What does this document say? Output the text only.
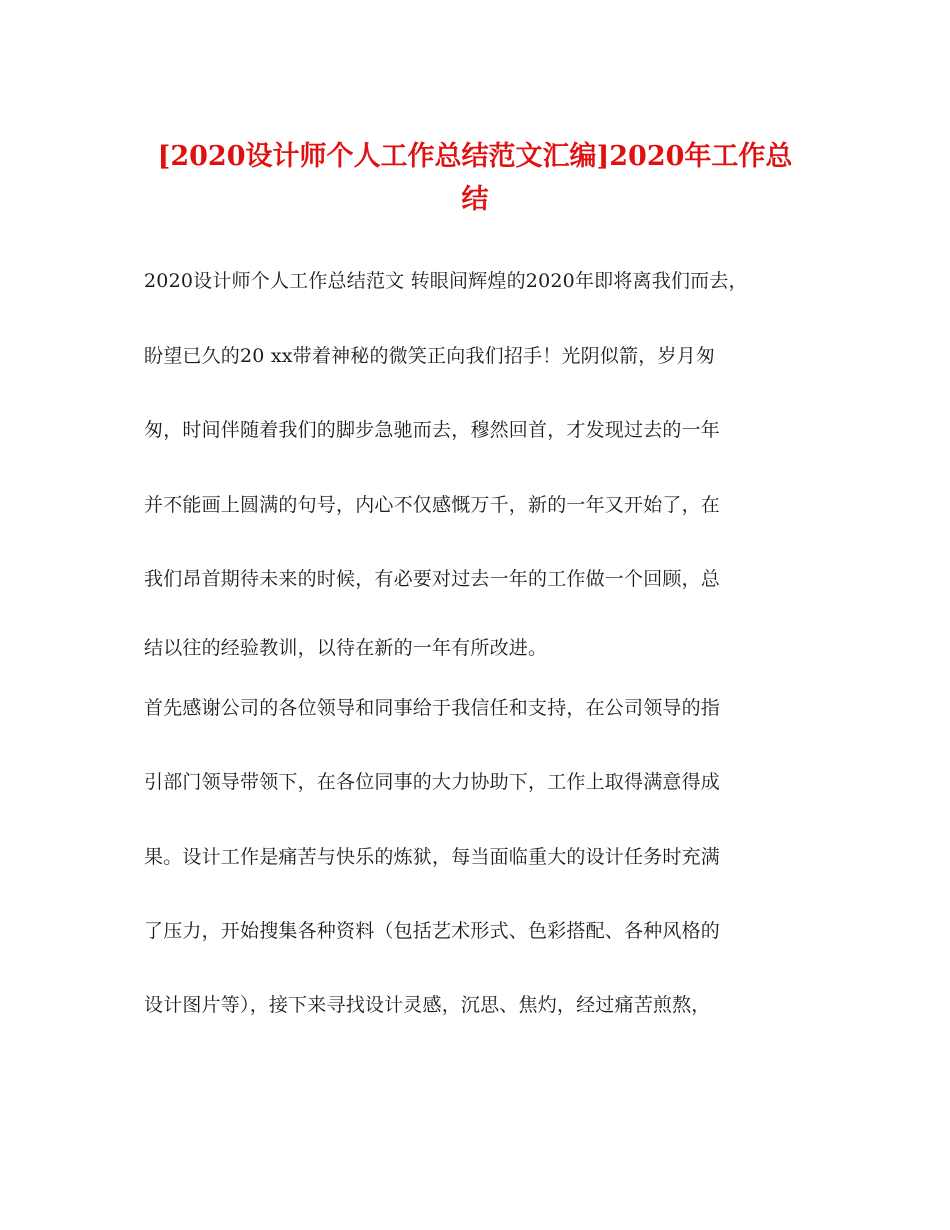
[2020设计师个人工作总结范文汇编]2020年工作总
结
2020设计师个人工作总结范文 转眼间辉煌的2020年即将离我们而去，
盼望已久的20 xx带着神秘的微笑正向我们招手！光阴似箭，岁月匆
匆，时间伴随着我们的脚步急驰而去，穆然回首，才发现过去的一年
并不能画上圆满的句号，内心不仅感慨万千，新的一年又开始了，在
我们昂首期待未来的时候，有必要对过去一年的工作做一个回顾，总
结以往的经验教训，以待在新的一年有所改进。
首先感谢公司的各位领导和同事给于我信任和支持，在公司领导的指
引部门领导带领下，在各位同事的大力协助下，工作上取得满意得成
果。设计工作是痛苦与快乐的炼狱，每当面临重大的设计任务时充满
了压力，开始搜集各种资料（包括艺术形式、色彩搭配、各种风格的
设计图片等），接下来寻找设计灵感，沉思、焦灼，经过痛苦煎熬，
